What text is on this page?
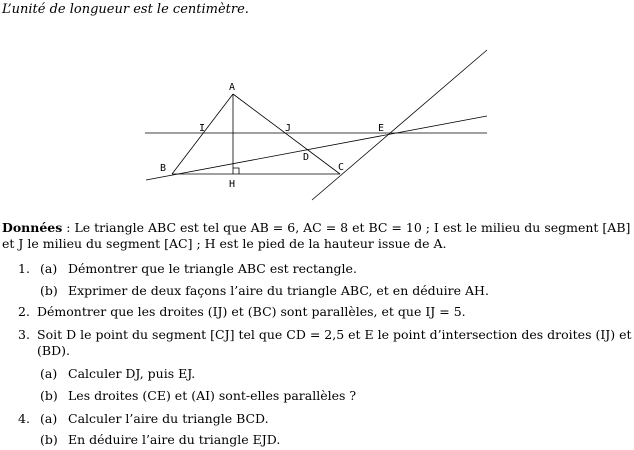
L’unité de longueur est le centimètre.
A
I	J	E
B
D
C
H
Données : Le triangle ABC est tel que AB = 6, AC = 8 et BC = 10 ; I est le milieu du segment [AB]
et J le milieu du segment [AC] ; H est le pied de la hauteur issue de A.
1. (a) Démontrer que le triangle ABC est rectangle.
(b) Exprimer de deux façons l’aire du triangle ABC, et en déduire AH.
2. Démontrer que les droites (IJ) et (BC) sont parallèles, et que IJ = 5.
3. Soit D le point du segment [CJ] tel que CD = 2,5 et E le point d’intersection des droites (IJ) et
(BD).
(a) Calculer DJ, puis EJ.
(b) Les droites (CE) et (AI) sont-elles parallèles ?
4. (a) Calculer l’aire du triangle BCD.
(b) En déduire l’aire du triangle EJD.
